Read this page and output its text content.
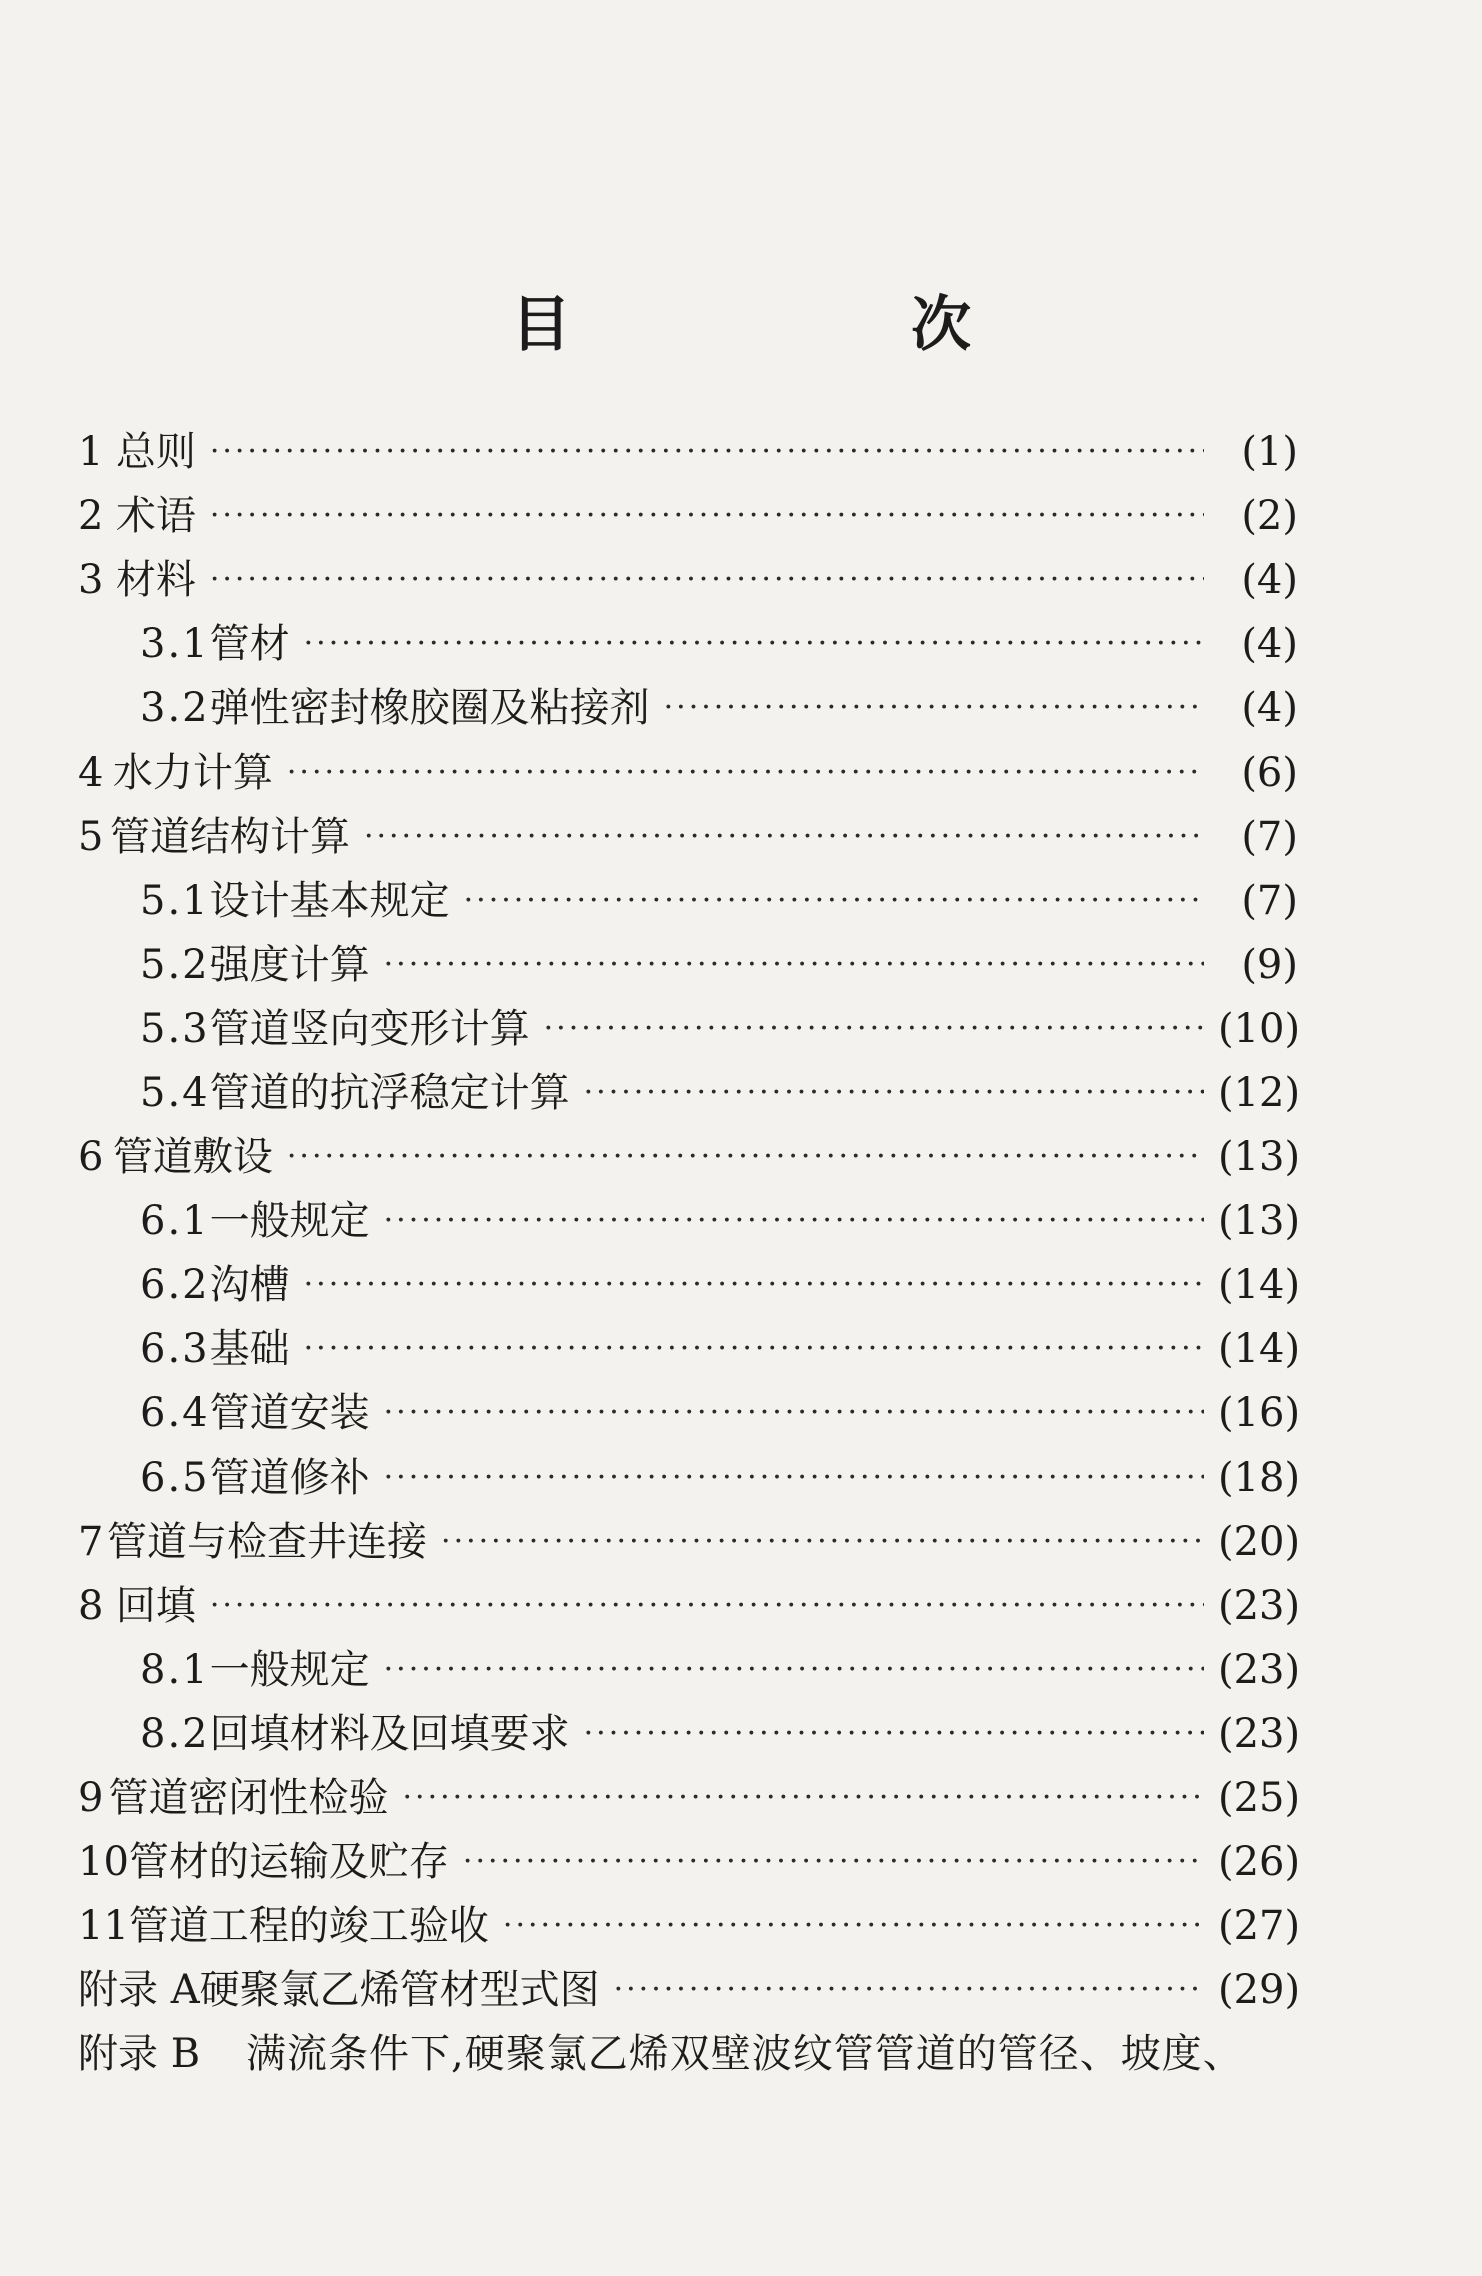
目　次
1 总则 ·····	(1)
2 术语 ·····	(2)
3 材料 ·····	(4)
3.1 管材 ·····	(4)
3.2 弹性密封橡胶圈及粘接剂 ·····	(4)
4 水力计算 ·····	(6)
5 管道结构计算 ·····	(7)
5.1 设计基本规定 ·····	(7)
5.2 强度计算 ·····	(9)
5.3 管道竖向变形计算 ·····	(10)
5.4 管道的抗浮稳定计算 ·····	(12)
6 管道敷设 ·····	(13)
6.1 一般规定 ·····	(13)
6.2 沟槽 ·····	(14)
6.3 基础 ·····	(14)
6.4 管道安装 ·····	(16)
6.5 管道修补 ·····	(18)
7 管道与检查井连接 ·····	(20)
8 回填 ·····	(23)
8.1 一般规定 ·····	(23)
8.2 回填材料及回填要求 ·····	(23)
9 管道密闭性检验 ·····	(25)
10 管材的运输及贮存 ·····	(26)
11 管道工程的竣工验收 ·····	(27)
附录 A 硬聚氯乙烯管材型式图 ·····	(29)
附录 B	满流条件下,硬聚氯乙烯双壁波纹管管道的管径、坡度、
